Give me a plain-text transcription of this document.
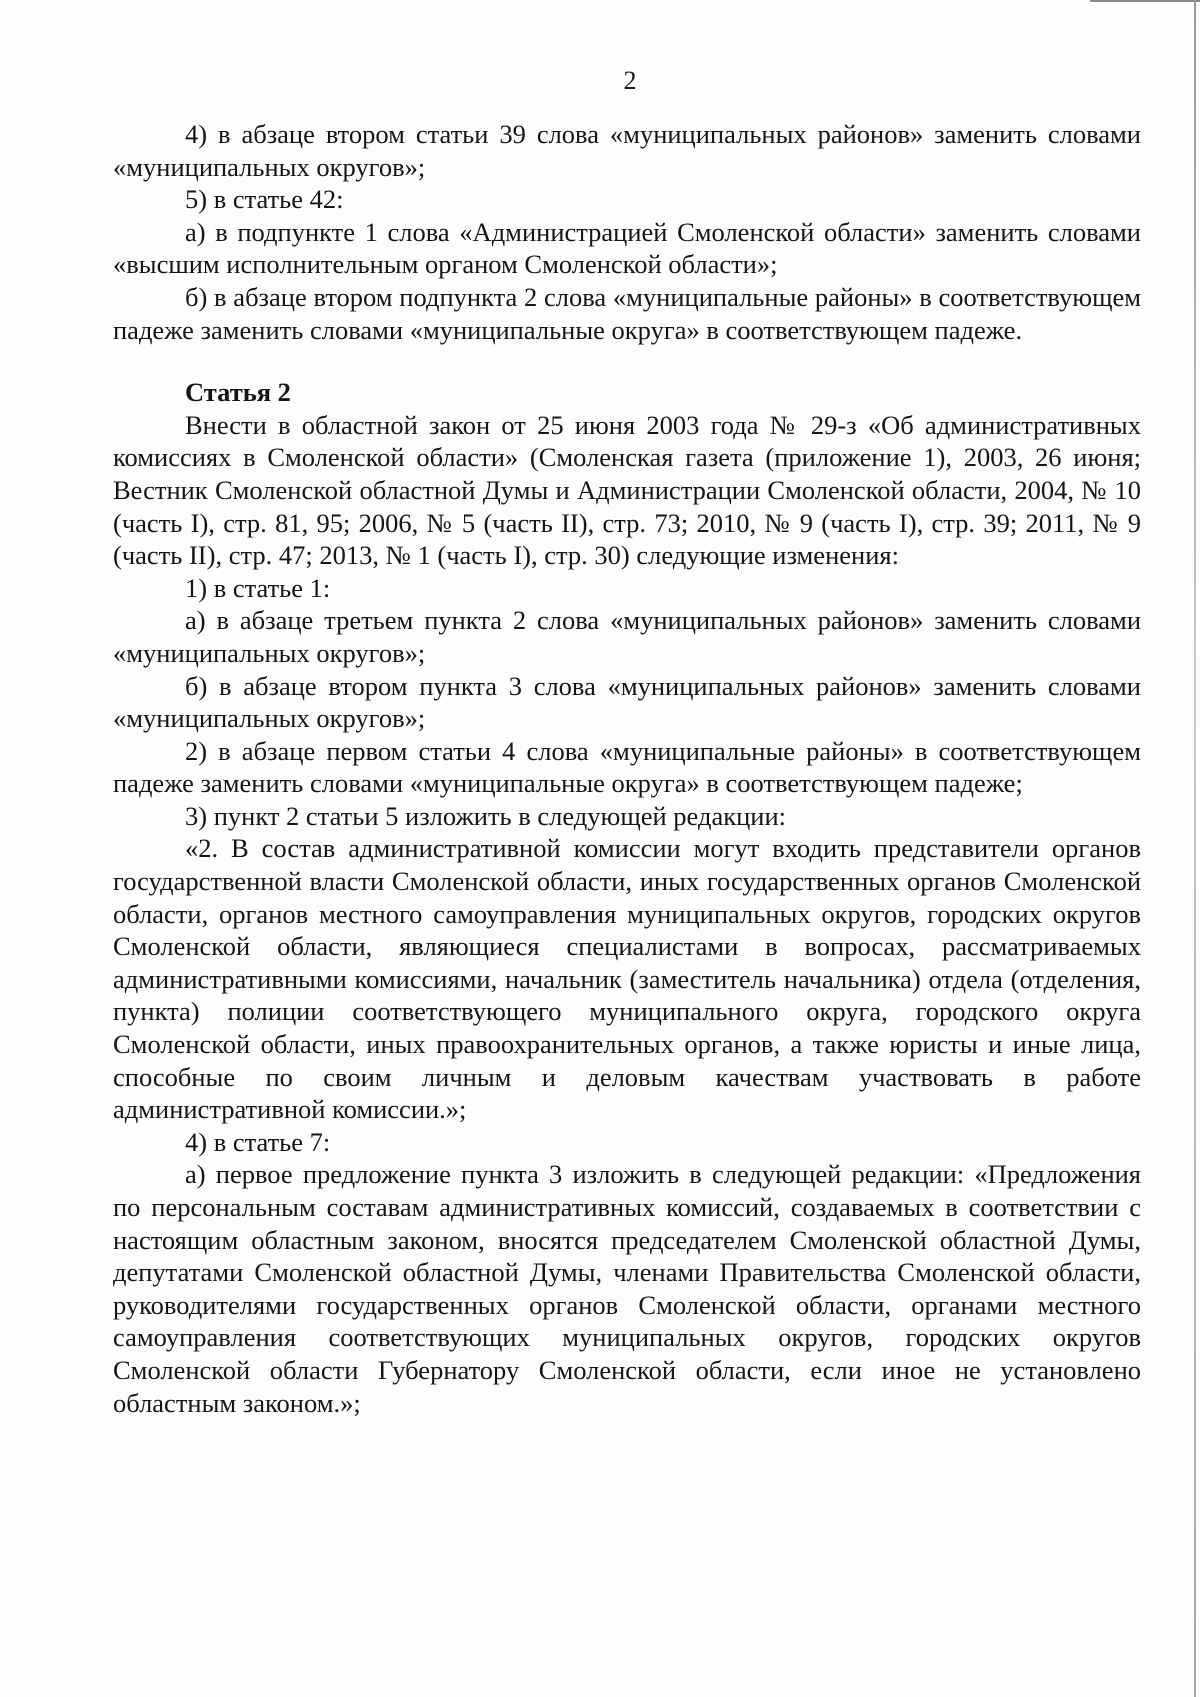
2

4) в абзаце втором статьи 39 слова «муниципальных районов» заменить словами «муниципальных округов»;

5) в статье 42:

а) в подпункте 1 слова «Администрацией Смоленской области» заменить словами «высшим исполнительным органом Смоленской области»;

б) в абзаце втором подпункта 2 слова «муниципальные районы» в соответствующем падеже заменить словами «муниципальные округа» в соответствующем падеже.

Статья 2

Внести в областной закон от 25 июня 2003 года № 29-з «Об административных комиссиях в Смоленской области» (Смоленская газета (приложение 1), 2003, 26 июня; Вестник Смоленской областной Думы и Администрации Смоленской области, 2004, № 10 (часть I), стр. 81, 95; 2006, № 5 (часть II), стр. 73; 2010, № 9 (часть I), стр. 39; 2011, № 9 (часть II), стр. 47; 2013, № 1 (часть I), стр. 30) следующие изменения:

1) в статье 1:

а) в абзаце третьем пункта 2 слова «муниципальных районов» заменить словами «муниципальных округов»;

б) в абзаце втором пункта 3 слова «муниципальных районов» заменить словами «муниципальных округов»;

2) в абзаце первом статьи 4 слова «муниципальные районы» в соответствующем падеже заменить словами «муниципальные округа» в соответствующем падеже;

3) пункт 2 статьи 5 изложить в следующей редакции:

«2. В состав административной комиссии могут входить представители органов государственной власти Смоленской области, иных государственных органов Смоленской области, органов местного самоуправления муниципальных округов, городских округов Смоленской области, являющиеся специалистами в вопросах, рассматриваемых административными комиссиями, начальник (заместитель начальника) отдела (отделения, пункта) полиции соответствующего муниципального округа, городского округа Смоленской области, иных правоохранительных органов, а также юристы и иные лица, способные по своим личным и деловым качествам участвовать в работе административной комиссии.»;

4) в статье 7:

а) первое предложение пункта 3 изложить в следующей редакции: «Предложения по персональным составам административных комиссий, создаваемых в соответствии с настоящим областным законом, вносятся председателем Смоленской областной Думы, депутатами Смоленской областной Думы, членами Правительства Смоленской области, руководителями государственных органов Смоленской области, органами местного самоуправления соответствующих муниципальных округов, городских округов Смоленской области Губернатору Смоленской области, если иное не установлено областным законом.»;
